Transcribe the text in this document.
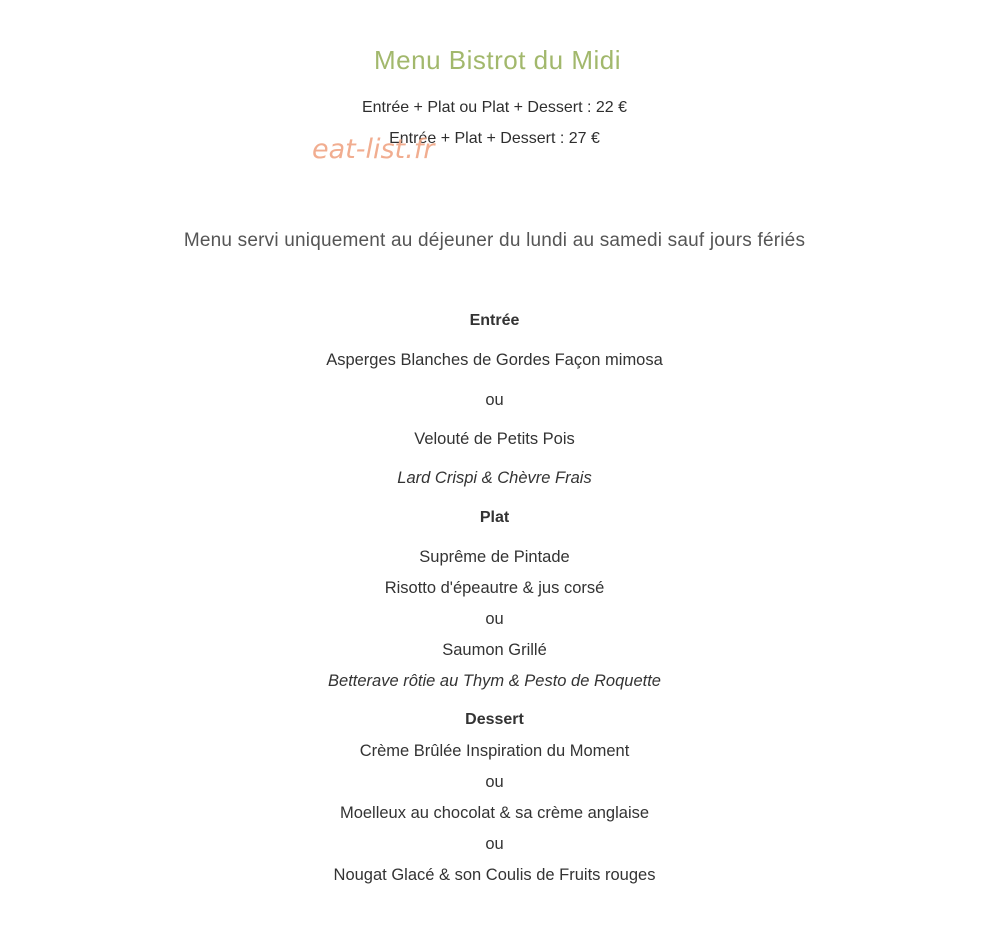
Menu Bistrot du Midi
Entrée + Plat ou Plat + Dessert : 22 €
Entrée + Plat + Dessert : 27 €
eat-list.fr
Menu servi uniquement au déjeuner du lundi au samedi sauf jours fériés
Entrée
Asperges Blanches de Gordes Façon mimosa
ou
Velouté de Petits Pois
Lard Crispi & Chèvre Frais
Plat
Suprême de Pintade
Risotto d'épeautre & jus corsé
ou
Saumon Grillé
Betterave rôtie au Thym & Pesto de Roquette
Dessert
Crème Brûlée Inspiration du Moment
ou
Moelleux au chocolat & sa crème anglaise
ou
Nougat Glacé & son Coulis de Fruits rouges
